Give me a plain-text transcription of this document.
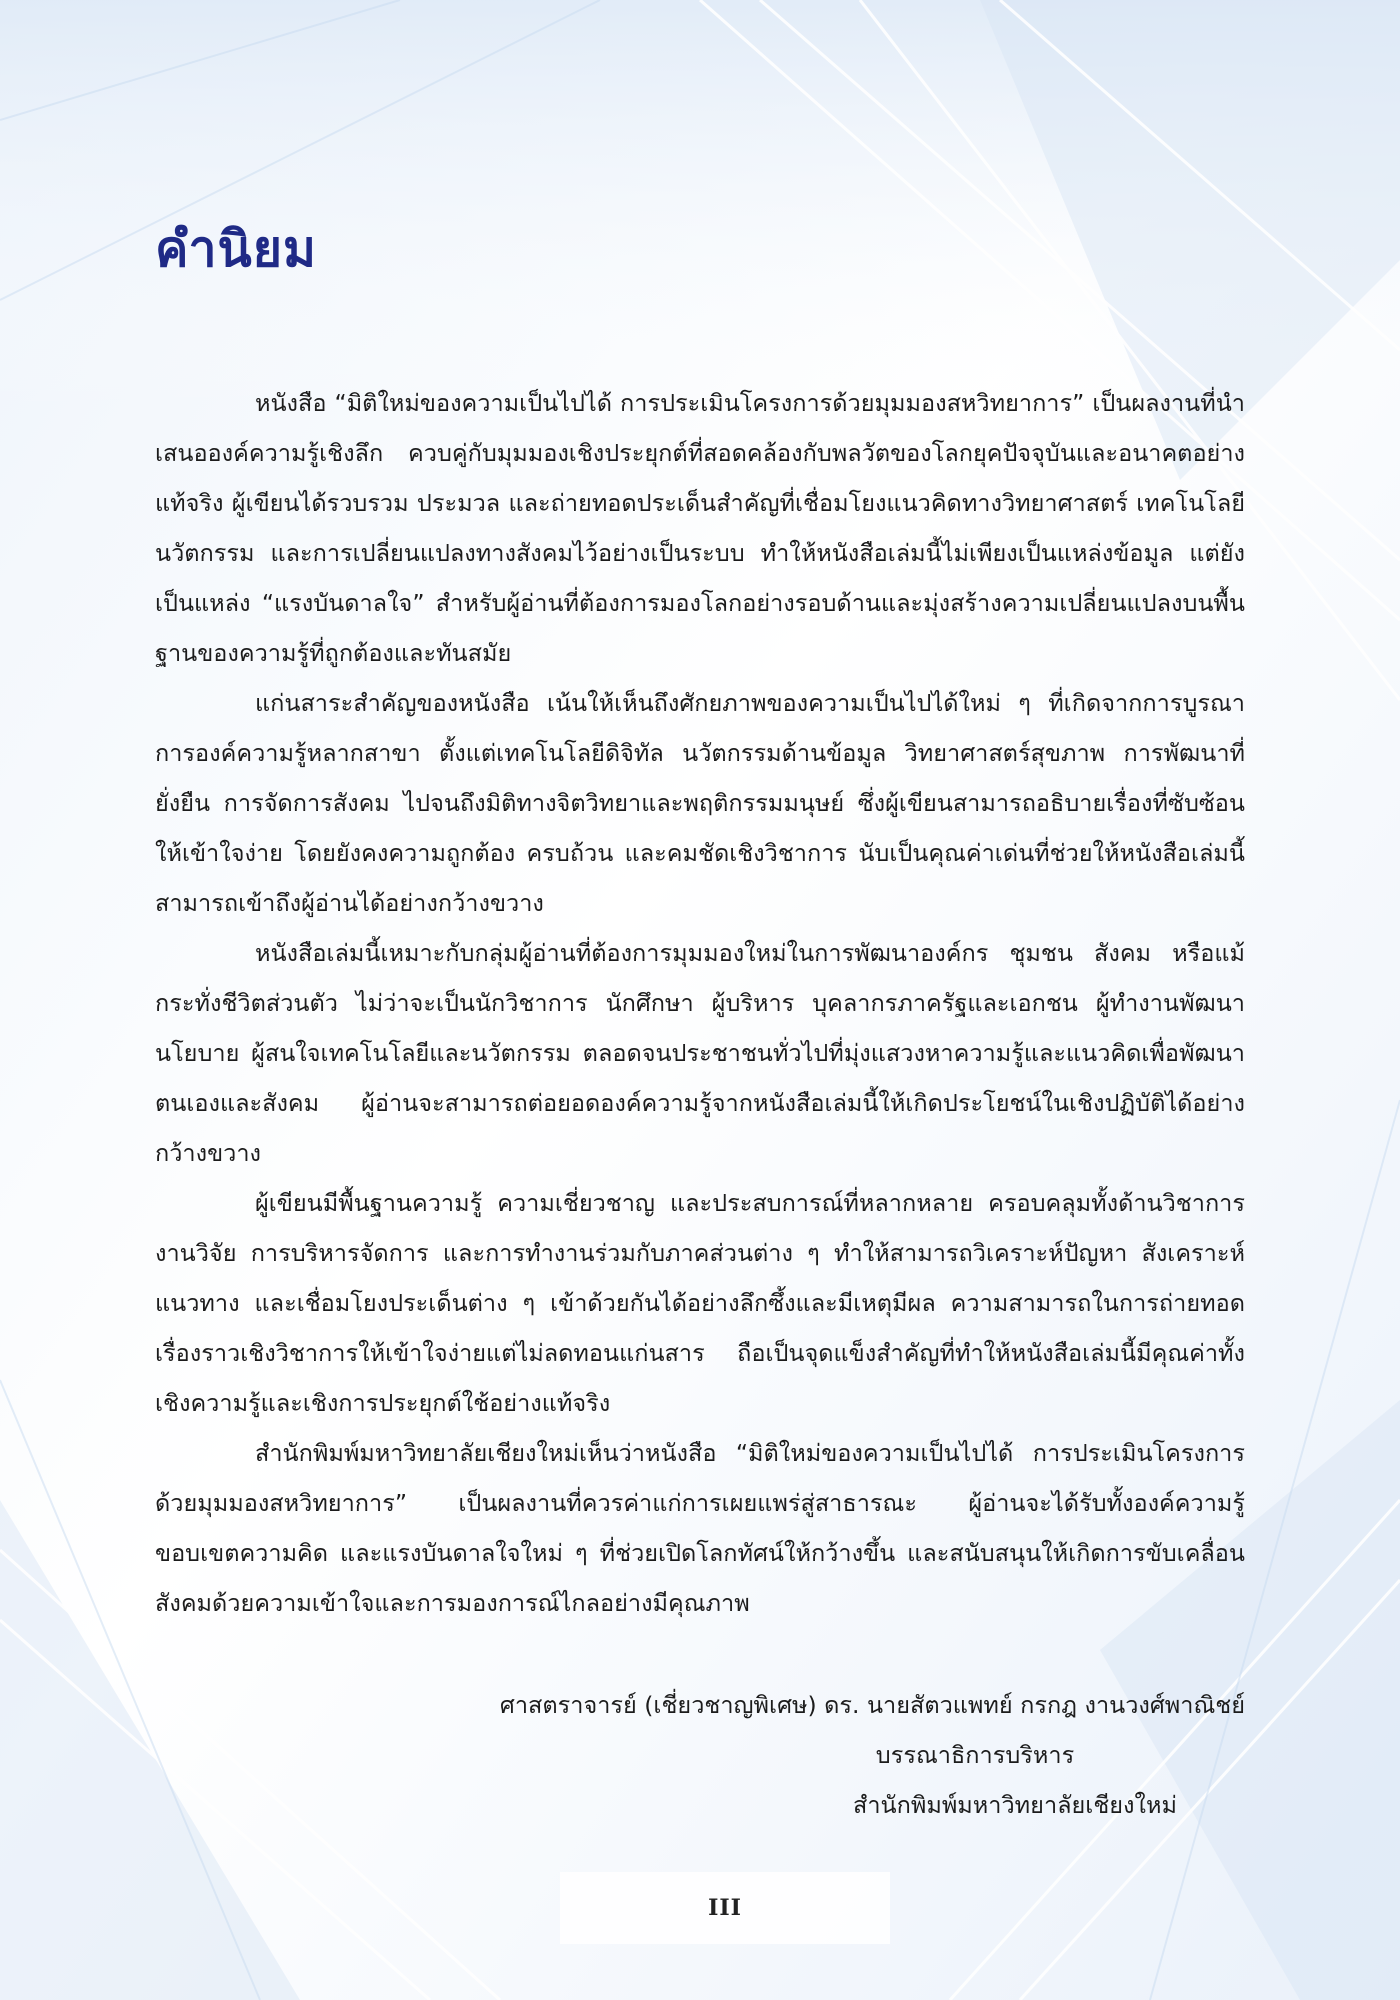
คำนิยม

หนังสือ “มิติใหม่ของความเป็นไปได้ การประเมินโครงการด้วยมุมมองสหวิทยาการ” เป็นผลงานที่นำเสนอองค์ความรู้เชิงลึก ควบคู่กับมุมมองเชิงประยุกต์ที่สอดคล้องกับพลวัตของโลกยุคปัจจุบันและอนาคตอย่างแท้จริง ผู้เขียนได้รวบรวม ประมวล และถ่ายทอดประเด็นสำคัญที่เชื่อมโยงแนวคิดทางวิทยาศาสตร์ เทคโนโลยี นวัตกรรม และการเปลี่ยนแปลงทางสังคมไว้อย่างเป็นระบบ ทำให้หนังสือเล่มนี้ไม่เพียงเป็นแหล่งข้อมูล แต่ยังเป็นแหล่ง “แรงบันดาลใจ” สำหรับผู้อ่านที่ต้องการมองโลกอย่างรอบด้านและมุ่งสร้างความเปลี่ยนแปลงบนพื้นฐานของความรู้ที่ถูกต้องและทันสมัย

แก่นสาระสำคัญของหนังสือ เน้นให้เห็นถึงศักยภาพของความเป็นไปได้ใหม่ ๆ ที่เกิดจากการบูรณาการองค์ความรู้หลากสาขา ตั้งแต่เทคโนโลยีดิจิทัล นวัตกรรมด้านข้อมูล วิทยาศาสตร์สุขภาพ การพัฒนาที่ยั่งยืน การจัดการสังคม ไปจนถึงมิติทางจิตวิทยาและพฤติกรรมมนุษย์ ซึ่งผู้เขียนสามารถอธิบายเรื่องที่ซับซ้อนให้เข้าใจง่าย โดยยังคงความถูกต้อง ครบถ้วน และคมชัดเชิงวิชาการ นับเป็นคุณค่าเด่นที่ช่วยให้หนังสือเล่มนี้สามารถเข้าถึงผู้อ่านได้อย่างกว้างขวาง

หนังสือเล่มนี้เหมาะกับกลุ่มผู้อ่านที่ต้องการมุมมองใหม่ในการพัฒนาองค์กร ชุมชน สังคม หรือแม้กระทั่งชีวิตส่วนตัว ไม่ว่าจะเป็นนักวิชาการ นักศึกษา ผู้บริหาร บุคลากรภาครัฐและเอกชน ผู้ทำงานพัฒนานโยบาย ผู้สนใจเทคโนโลยีและนวัตกรรม ตลอดจนประชาชนทั่วไปที่มุ่งแสวงหาความรู้และแนวคิดเพื่อพัฒนาตนเองและสังคม ผู้อ่านจะสามารถต่อยอดองค์ความรู้จากหนังสือเล่มนี้ให้เกิดประโยชน์ในเชิงปฏิบัติได้อย่างกว้างขวาง

ผู้เขียนมีพื้นฐานความรู้ ความเชี่ยวชาญ และประสบการณ์ที่หลากหลาย ครอบคลุมทั้งด้านวิชาการ งานวิจัย การบริหารจัดการ และการทำงานร่วมกับภาคส่วนต่าง ๆ ทำให้สามารถวิเคราะห์ปัญหา สังเคราะห์แนวทาง และเชื่อมโยงประเด็นต่าง ๆ เข้าด้วยกันได้อย่างลึกซึ้งและมีเหตุมีผล ความสามารถในการถ่ายทอดเรื่องราวเชิงวิชาการให้เข้าใจง่ายแต่ไม่ลดทอนแก่นสาร ถือเป็นจุดแข็งสำคัญที่ทำให้หนังสือเล่มนี้มีคุณค่าทั้งเชิงความรู้และเชิงการประยุกต์ใช้อย่างแท้จริง

สำนักพิมพ์มหาวิทยาลัยเชียงใหม่เห็นว่าหนังสือ “มิติใหม่ของความเป็นไปได้ การประเมินโครงการด้วยมุมมองสหวิทยาการ” เป็นผลงานที่ควรค่าแก่การเผยแพร่สู่สาธารณะ ผู้อ่านจะได้รับทั้งองค์ความรู้ ขอบเขตความคิด และแรงบันดาลใจใหม่ ๆ ที่ช่วยเปิดโลกทัศน์ให้กว้างขึ้น และสนับสนุนให้เกิดการขับเคลื่อนสังคมด้วยความเข้าใจและการมองการณ์ไกลอย่างมีคุณภาพ

ศาสตราจารย์ (เชี่ยวชาญพิเศษ) ดร. นายสัตวแพทย์ กรกฎ งานวงศ์พาณิชย์
บรรณาธิการบริหาร
สำนักพิมพ์มหาวิทยาลัยเชียงใหม่
III
